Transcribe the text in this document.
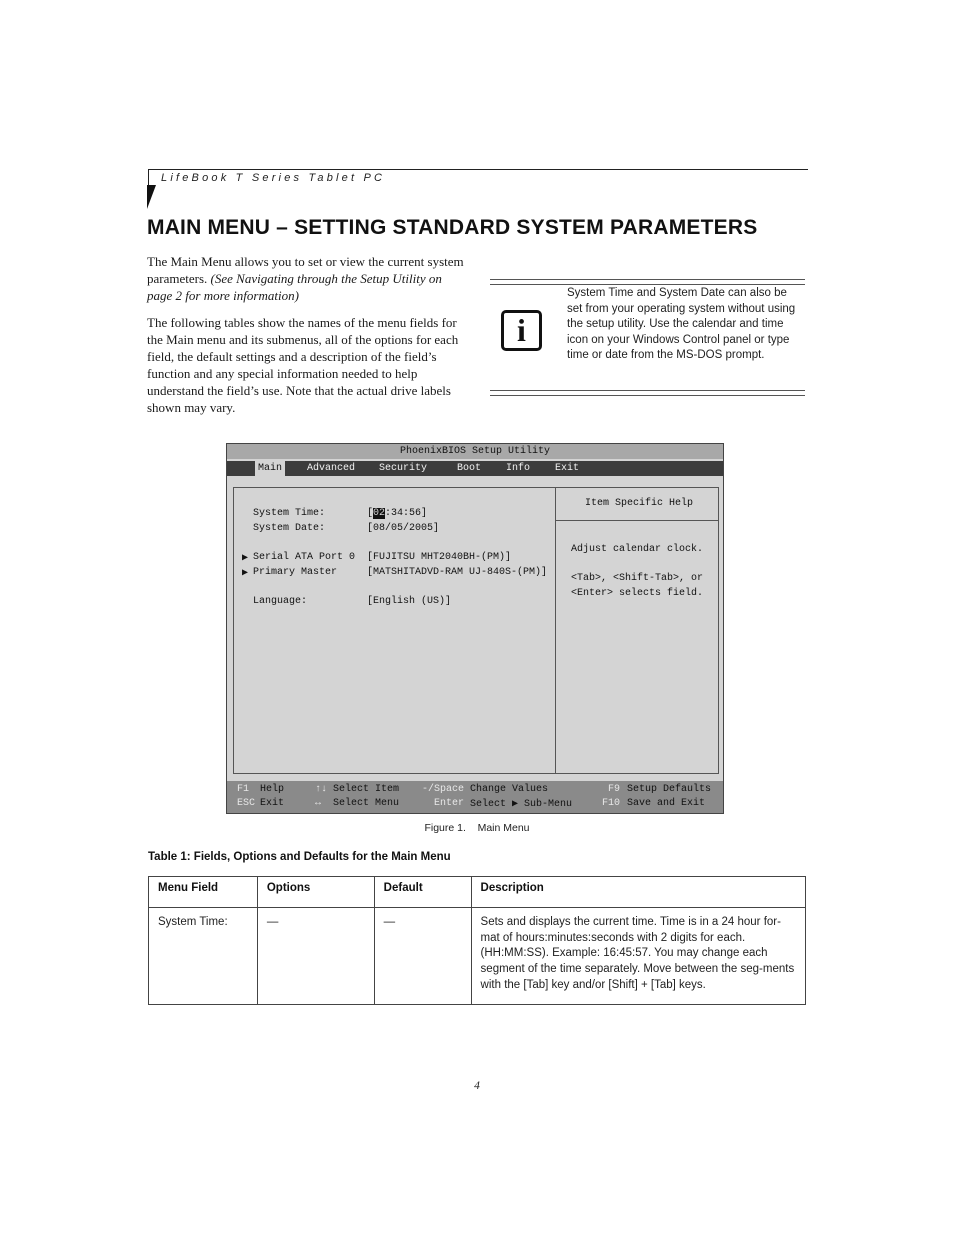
LifeBook T Series Tablet PC
MAIN MENU – SETTING STANDARD SYSTEM PARAMETERS
The Main Menu allows you to set or view the current system parameters. (See Navigating through the Setup Utility on page 2 for more information)
The following tables show the names of the menu fields for the Main menu and its submenus, all of the options for each field, the default settings and a description of the field’s function and any special information needed to help understand the field’s use. Note that the actual drive labels shown may vary.
i
System Time and System Date can also be set from your operating system without using the setup utility. Use the calendar and time icon on your Windows Control panel or type time or date from the MS-DOS prompt.
PhoenixBIOS Setup Utility
Main	Advanced Security	Boot Info Exit
System Time:	[02:34:56]
System Date:	[08/05/2005]
▶ Serial ATA Port 0 [FUJITSU MHT2040BH-(PM)]
▶ Primary Master	[MATSHITADVD-RAM UJ-840S-(PM)]
Language:	[English (US)]
Item Specific Help
Adjust calendar clock.
<Tab>, <Shift-Tab>, or
<Enter> selects field.
F1 Help
ESC Exit
↑↓ Select Item
↔ Select Menu
-/Space Change Values
Enter Select ▶ Sub-Menu
F9 Setup Defaults
F10 Save and Exit
Figure 1.    Main Menu
Table 1: Fields, Options and Defaults for the Main Menu
Menu Field	Options	Default	Description
System Time:	—	—	Sets and displays the current time. Time is in a 24 hour for-mat of hours:minutes:seconds with 2 digits for each. (HH:MM:SS). Example: 16:45:57. You may change each segment of the time separately. Move between the seg-ments with the [Tab] key and/or [Shift] + [Tab] keys.
4
